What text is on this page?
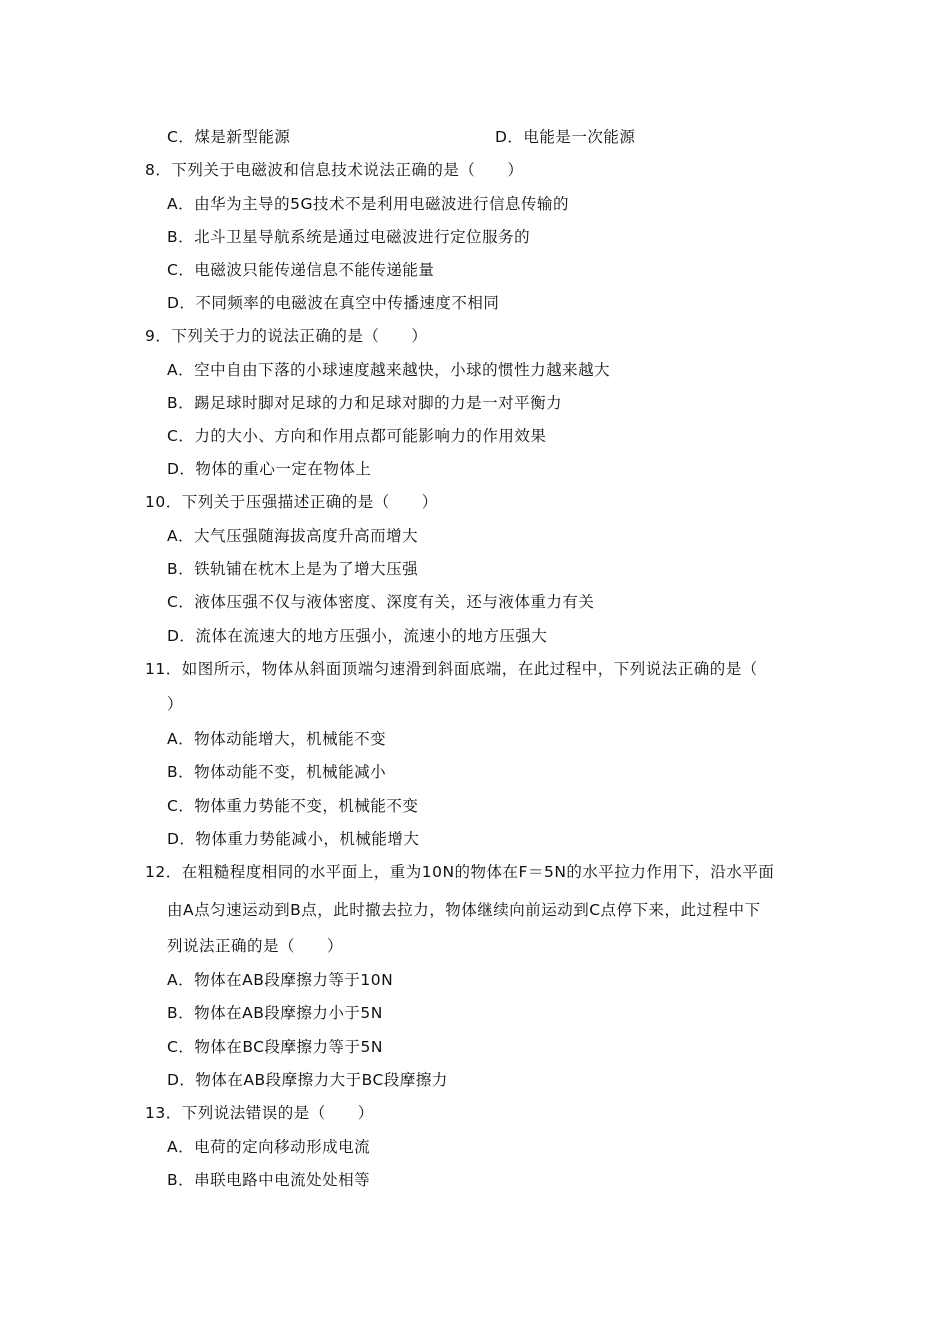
C．煤是新型能源	D．电能是一次能源
8．下列关于电磁波和信息技术说法正确的是（　　）
A．由华为主导的5G技术不是利用电磁波进行信息传输的
B．北斗卫星导航系统是通过电磁波进行定位服务的
C．电磁波只能传递信息不能传递能量
D．不同频率的电磁波在真空中传播速度不相同
9．下列关于力的说法正确的是（　　）
A．空中自由下落的小球速度越来越快，小球的惯性力越来越大
B．踢足球时脚对足球的力和足球对脚的力是一对平衡力
C．力的大小、方向和作用点都可能影响力的作用效果
D．物体的重心一定在物体上
10．下列关于压强描述正确的是（　　）
A．大气压强随海拔高度升高而增大
B．铁轨铺在枕木上是为了增大压强
C．液体压强不仅与液体密度、深度有关，还与液体重力有关
D．流体在流速大的地方压强小，流速小的地方压强大
11．如图所示，物体从斜面顶端匀速滑到斜面底端，在此过程中，下列说法正确的是（
）
A．物体动能增大，机械能不变
B．物体动能不变，机械能减小
C．物体重力势能不变，机械能不变
D．物体重力势能减小，机械能增大
12．在粗糙程度相同的水平面上，重为10N的物体在F＝5N的水平拉力作用下，沿水平面
由A点匀速运动到B点，此时撤去拉力，物体继续向前运动到C点停下来，此过程中下
列说法正确的是（　　）
A．物体在AB段摩擦力等于10N
B．物体在AB段摩擦力小于5N
C．物体在BC段摩擦力等于5N
D．物体在AB段摩擦力大于BC段摩擦力
13．下列说法错误的是（　　）
A．电荷的定向移动形成电流
B．串联电路中电流处处相等
